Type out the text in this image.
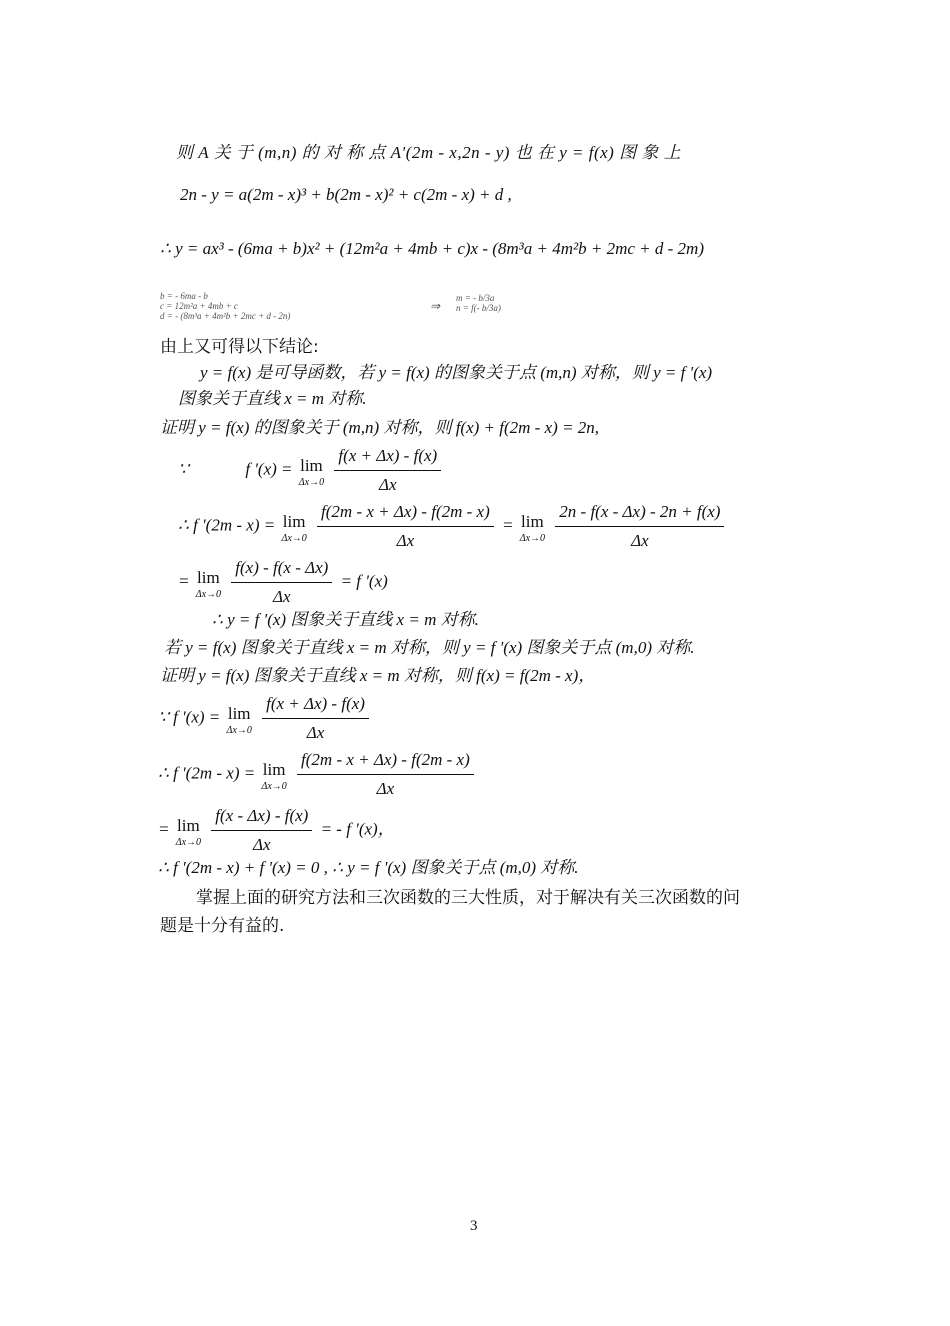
则 A 关 于 (m,n) 的 对 称 点 A'(2m - x,2n - y) 也 在 y = f(x) 图 象 上
2n - y = a(2m - x)³ + b(2m - x)² + c(2m - x) + d ,
∴ y = ax³ - (6ma + b)x² + (12m²a + 4mb + c)x - (8m³a + 4m²b + 2mc + d - 2m)
b = - 6ma - b
c = 12m²a + 4mb + c
d = - (8m³a + 4m²b + 2mc + d - 2n)
⇒
m = - b/3a
n = f(- b/3a)
由上又可得以下结论:
y = f(x) 是可导函数，若 y = f(x) 的图象关于点 (m,n) 对称，则 y = f '(x)
图象关于直线 x = m 对称.
证明 y = f(x) 的图象关于 (m,n) 对称，则 f(x) + f(2m - x) = 2n,
∵	f '(x) = lim
Δx→0
$\frac{f(x + \Delta x) - f(x)}{\Delta x}$
∴ f '(2m - x) = lim
Δx→0
$\frac{f(2m - x + \Delta x) - f(2m - x)}{\Delta x} = \lim$
Δx→0
$\frac{2n - f(x - \Delta x) - 2n + f(x)}{\Delta x}$
= lim
Δx→0
$\frac{f(x) - f(x - \Delta x)}{\Delta x} = f$ '(x)
∴ y = f '(x) 图象关于直线 x = m 对称.
若 y = f(x) 图象关于直线 x = m 对称，则 y = f '(x) 图象关于点 (m,0) 对称.
证明 y = f(x) 图象关于直线 x = m 对称，则 f(x) = f(2m - x)，
∵ f '(x) = lim
Δx→0
$\frac{f(x + \Delta x) - f(x)}{\Delta x}$
∴ f '(2m - x) = lim
Δx→0
$\frac{f(2m - x + \Delta x) - f(2m - x)}{\Delta x}$
= lim
Δx→0
$\frac{f(x - \Delta x) - f(x)}{\Delta x}$ = - f '(x)，
∴ f '(2m - x) + f '(x) = 0 , ∴ y = f '(x) 图象关于点 (m,0) 对称.
掌握上面的研究方法和三次函数的三大性质，对于解决有关三次函数的问
题是十分有益的.
3
